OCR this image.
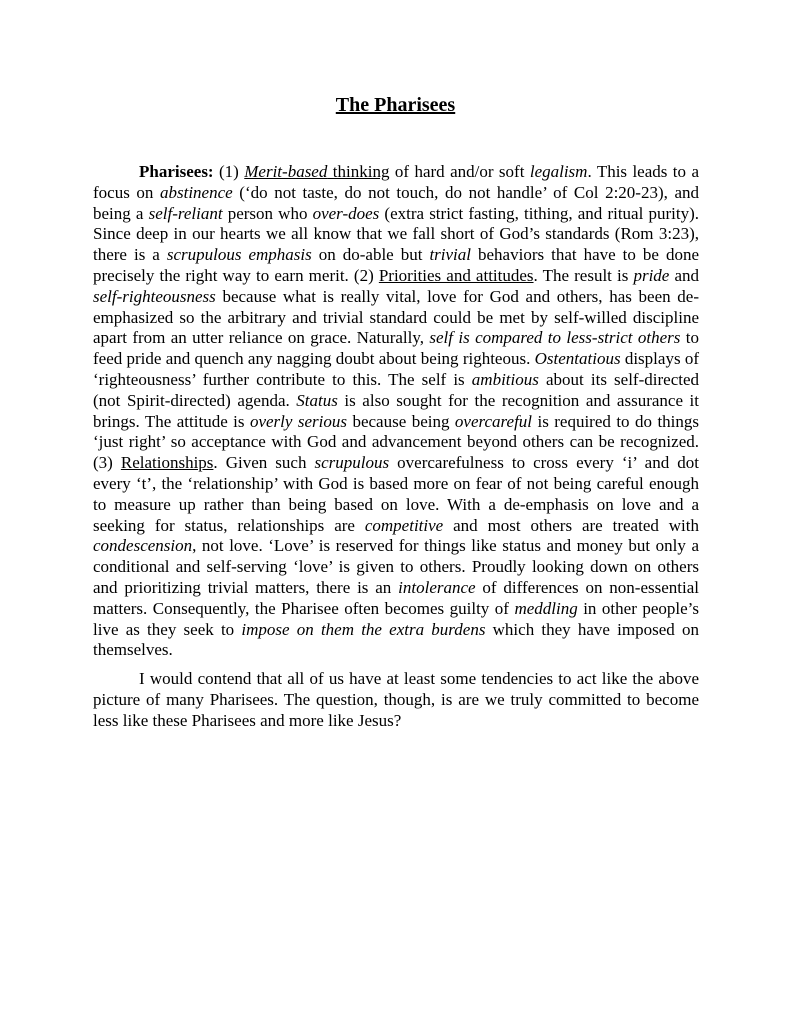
The Pharisees

Pharisees: (1) Merit-based thinking of hard and/or soft legalism. This leads to a focus on abstinence (‘do not taste, do not touch, do not handle’ of Col 2:20-23), and being a self-reliant person who over-does (extra strict fasting, tithing, and ritual purity). Since deep in our hearts we all know that we fall short of God’s standards (Rom 3:23), there is a scrupulous emphasis on do-able but trivial behaviors that have to be done precisely the right way to earn merit. (2) Priorities and attitudes. The result is pride and self-righteousness because what is really vital, love for God and others, has been de-emphasized so the arbitrary and trivial standard could be met by self-willed discipline apart from an utter reliance on grace. Naturally, self is compared to less-strict others to feed pride and quench any nagging doubt about being righteous. Ostentatious displays of ‘righteousness’ further contribute to this. The self is ambitious about its self-directed (not Spirit-directed) agenda. Status is also sought for the recognition and assurance it brings. The attitude is overly serious because being overcareful is required to do things ‘just right’ so acceptance with God and advancement beyond others can be recognized. (3) Relationships. Given such scrupulous overcarefulness to cross every ‘i’ and dot every ‘t’, the ‘relationship’ with God is based more on fear of not being careful enough to measure up rather than being based on love. With a de-emphasis on love and a seeking for status, relationships are competitive and most others are treated with condescension, not love. ‘Love’ is reserved for things like status and money but only a conditional and self-serving ‘love’ is given to others. Proudly looking down on others and prioritizing trivial matters, there is an intolerance of differences on non-essential matters. Consequently, the Pharisee often becomes guilty of meddling in other people’s live as they seek to impose on them the extra burdens which they have imposed on themselves.

I would contend that all of us have at least some tendencies to act like the above picture of many Pharisees. The question, though, is are we truly committed to become less like these Pharisees and more like Jesus?
